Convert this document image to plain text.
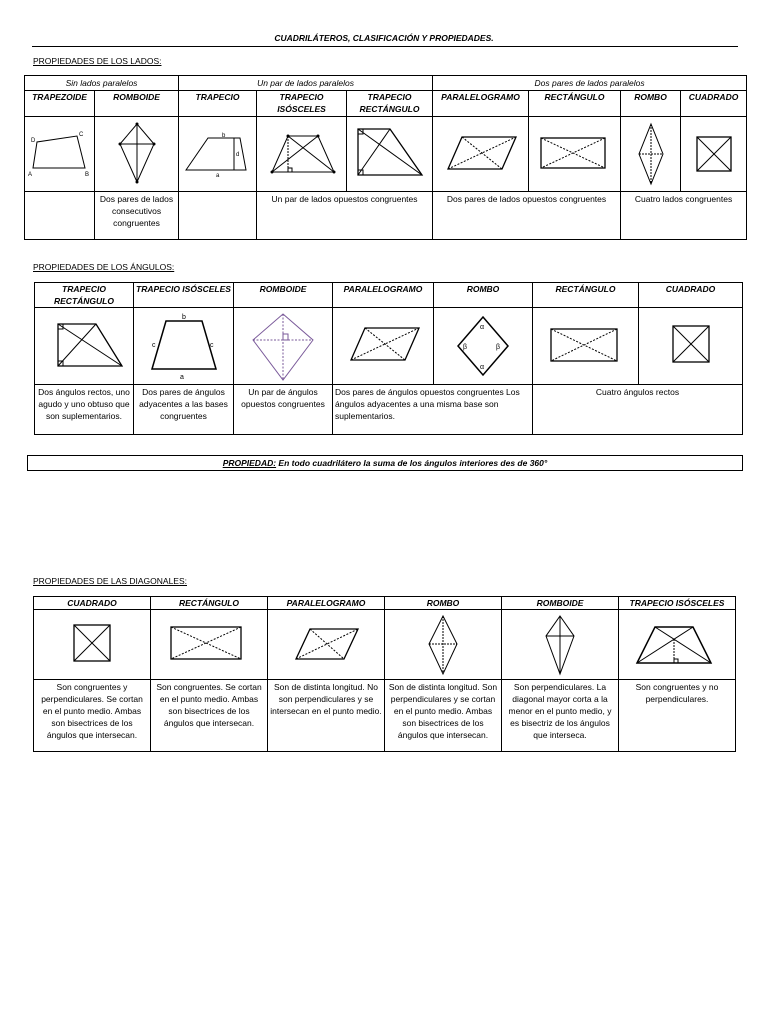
CUADRILÁTEROS, CLASIFICACIÓN Y PROPIEDADES.
PROPIEDADES DE LOS LADOS:
Sin lados paralelos		Un par de lados paralelos			Dos pares de lados paralelos			
TRAPEZOIDE	ROMBOIDE	TRAPECIO	TRAPECIO ISÓSCELES	TRAPECIO RECTÁNGULO	PARALELOGRAMO	RECTÁNGULO	ROMBO	CUADRADO

A B
C
D		a
b
d

	Dos pares de lados consecutivos congruentes		Un par de lados opuestos congruentes		Dos pares de lados opuestos congruentes		Cuatro lados congruentes	
PROPIEDADES DE LOS ÁNGULOS:
TRAPECIO RECTÁNGULO	TRAPECIO ISÓSCELES	ROMBOIDE	PARALELOGRAMO	ROMBO	RECTÁNGULO	CUADRADO

a
b
c c			α
α
β β

Dos ángulos rectos, uno agudo y uno obtuso que son suplementarios.	Dos pares de ángulos adyacentes a las bases congruentes	Un par de ángulos opuestos congruentes	Dos pares de ángulos opuestos congruentes Los ángulos adyacentes a una misma base son suplementarios.		Cuatro ángulos rectos	
PROPIEDAD: En todo cuadrilátero la suma de los ángulos interiores des de 360°
PROPIEDADES DE LAS DIAGONALES:
CUADRADO	RECTÁNGULO	PARALELOGRAMO	ROMBO	ROMBOIDE	TRAPECIO ISÓSCELES

Son congruentes y perpendiculares. Se cortan en el punto medio. Ambas son bisectrices de los ángulos que intersecan.	Son congruentes. Se cortan en el punto medio. Ambas son bisectrices de los ángulos que intersecan.	Son de distinta longitud. No son perpendiculares y se intersecan en el punto medio.	Son de distinta longitud. Son perpendiculares y se cortan en el punto medio. Ambas son bisectrices de los ángulos que intersecan.	Son perpendiculares. La diagonal mayor corta a la menor en el punto medio, y es bisectriz de los ángulos que interseca.	Son congruentes y no perpendiculares.
